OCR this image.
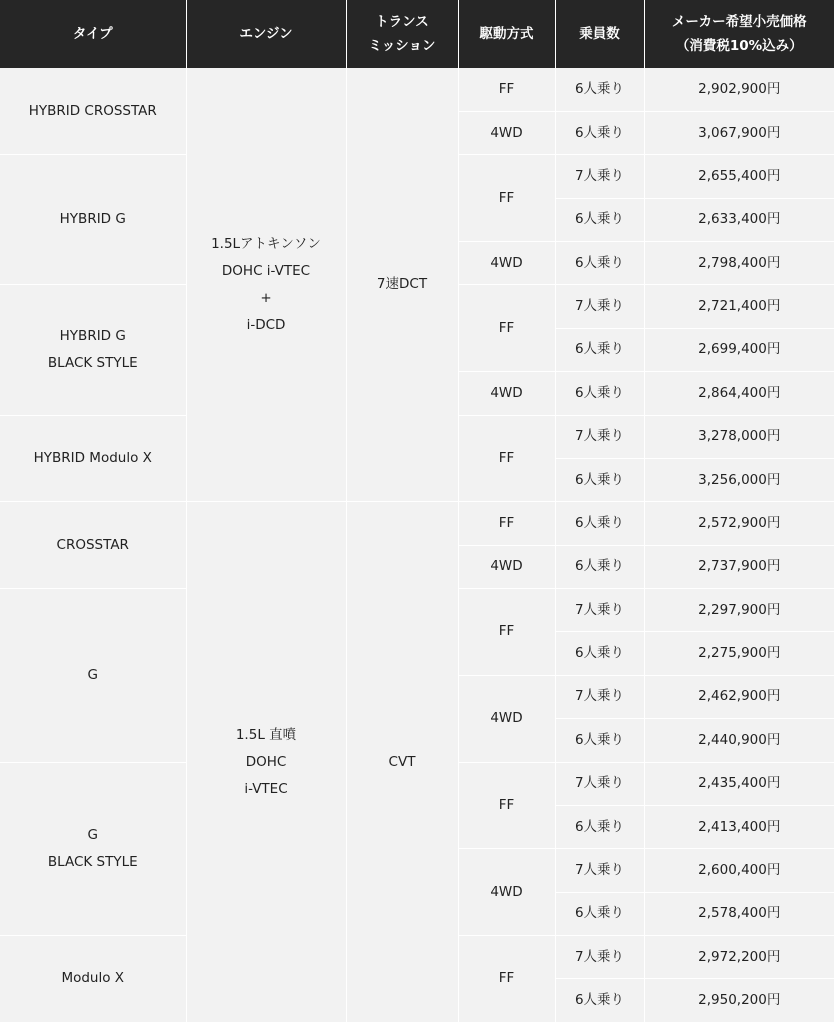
タイプ	エンジン	トランス
ミッション	駆動方式	乗員数	メーカー希望小売価格
（消費税10%込み）
HYBRID CROSSTAR	1.5Lアトキンソン
DOHC i-VTEC
+
i-DCD	7速DCT	FF	6人乗り	2,902,900円
			4WD	6人乗り	3,067,900円
HYBRID G			FF	7人乗り	2,655,400円
				6人乗り	2,633,400円
			4WD	6人乗り	2,798,400円
HYBRID G
BLACK STYLE			FF	7人乗り	2,721,400円
				6人乗り	2,699,400円
			4WD	6人乗り	2,864,400円
HYBRID Modulo X			FF	7人乗り	3,278,000円
				6人乗り	3,256,000円
CROSSTAR	1.5L 直噴
DOHC
i-VTEC	CVT	FF	6人乗り	2,572,900円
			4WD	6人乗り	2,737,900円
G			FF	7人乗り	2,297,900円
				6人乗り	2,275,900円
			4WD	7人乗り	2,462,900円
				6人乗り	2,440,900円
G
BLACK STYLE			FF	7人乗り	2,435,400円
				6人乗り	2,413,400円
			4WD	7人乗り	2,600,400円
				6人乗り	2,578,400円
Modulo X			FF	7人乗り	2,972,200円
				6人乗り	2,950,200円
